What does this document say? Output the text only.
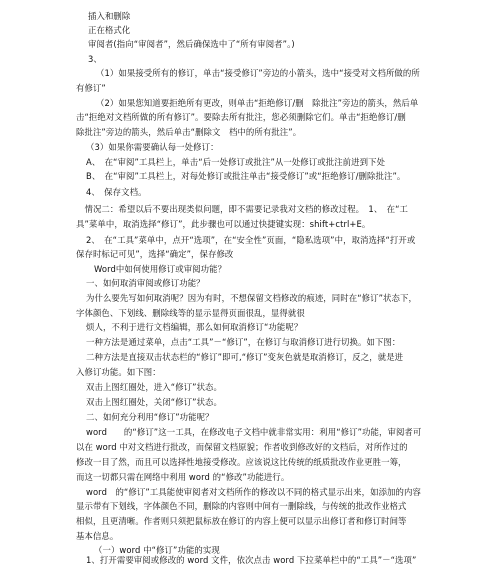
插入和删除
正在格式化
审阅者(指向“审阅者”，然后确保选中了“所有审阅者”。)
3、
（1）如果接受所有的修订，单击“接受修订”旁边的小箭头，选中“接受对文档所做的所
有修订”
（2）如果您知道要拒绝所有更改，则单击“拒绝修订/删　除批注”旁边的箭头，然后单
击“拒绝对文档所做的所有修订”。要除去所有批注，您必须删除它们。单击“拒绝修订/删
除批注”旁边的箭头，然后单击“删除文　档中的所有批注”。
（3）如果你需要确认每一处修订：
A、　在“审阅”工具栏上，单击“后一处修订或批注”从一处修订或批注前进到下处
B、　在“审阅”工具栏上，对每处修订或批注单击“接受修订”或“拒绝修订/删除批注”。
4、　保存文档。
　情况二：希望以后不要出现类似问题，即不需要记录我对文档的修改过程。　1、　在“工
具”菜单中，取消选择“修订”，此步骤也可以通过快捷键实现：shift+ctrl+E。
2、　在“工具”菜单中，点开“选项”，在“安全性”页面，“隐私选项”中，取消选择“打开或
保存时标记可见”，选择“确定”，保存修改
Word中如何使用修订或审阅功能？
一、如何取消审阅或修订功能？
为什么要先写如何取消呢？因为有时，不想保留文档修改的痕迹，同时在“修订”状态下，
字体颜色、下划线、删除线等的显示显得页面很乱，显得就很
烦人，不利于进行文档编辑，那么如何取消修订“功能呢？
一种方法是通过菜单，点击“工具”－“修订”，在修订与取消修订进行切换。如下图：
二种方法是直接双击状态栏的“修订”即可,“修订”变灰色就是取消修订，反之，就是进
入修订功能。如下图：
双击上图红圈处，进入“修订”状态。
双击上图红圈处，关闭“修订”状态。
二、如何充分利用“修订”功能呢？
word　　的“修订”这一工具，在修改电子文档中就非常实用：利用“修订”功能，审阅者可
以在 word 中对文档进行批改，而保留文档原貌；作者收到修改好的文档后，对所作过的
修改一目了然，而且可以选择性地接受修改。应该说这比传统的纸质批改作业更胜一筹，
而这一切都只需在网络中利用 word 的“修改”功能进行。
word　的“修订”工具能使审阅者对文档所作的修改以不同的格式显示出来，如添加的内容
显示带有下划线，字体颜色不同，删除的内容则中间有一删除线，与传统的批改作业格式
相似，且更清晰。作者则只须把鼠标放在修订的内容上便可以显示出修订者和修订时间等
基本信息。
（一）word 中“修订”功能的实现
1、打开需要审阅或修改的 word 文件，依次点击 word 下拉菜单栏中的“工具”－“选项”
